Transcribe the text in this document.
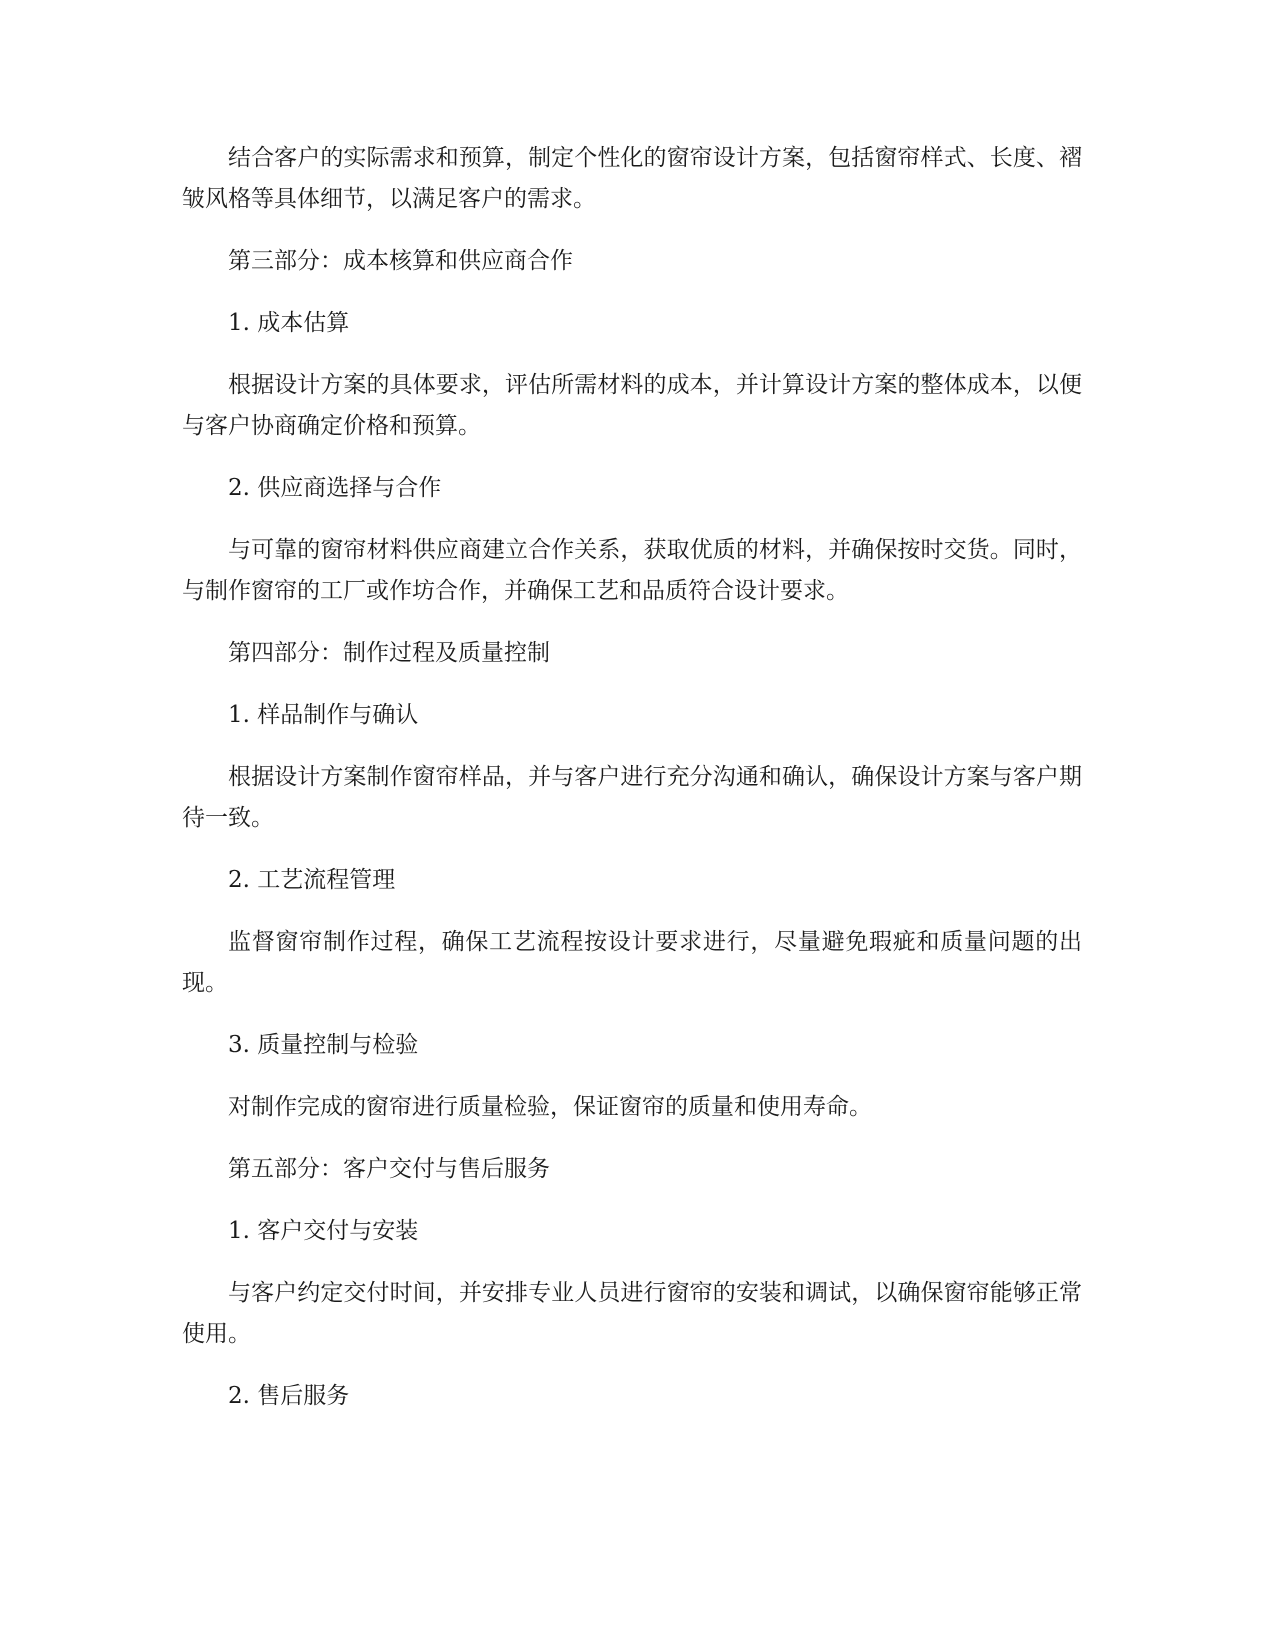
结合客户的实际需求和预算，制定个性化的窗帘设计方案，包括窗帘样式、长度、褶皱风格等具体细节，以满足客户的需求。

第三部分：成本核算和供应商合作

1. 成本估算

根据设计方案的具体要求，评估所需材料的成本，并计算设计方案的整体成本，以便与客户协商确定价格和预算。

2. 供应商选择与合作

与可靠的窗帘材料供应商建立合作关系，获取优质的材料，并确保按时交货。同时，与制作窗帘的工厂或作坊合作，并确保工艺和品质符合设计要求。

第四部分：制作过程及质量控制

1. 样品制作与确认

根据设计方案制作窗帘样品，并与客户进行充分沟通和确认，确保设计方案与客户期待一致。

2. 工艺流程管理

监督窗帘制作过程，确保工艺流程按设计要求进行，尽量避免瑕疵和质量问题的出现。

3. 质量控制与检验

对制作完成的窗帘进行质量检验，保证窗帘的质量和使用寿命。

第五部分：客户交付与售后服务

1. 客户交付与安装

与客户约定交付时间，并安排专业人员进行窗帘的安装和调试，以确保窗帘能够正常使用。

2. 售后服务
